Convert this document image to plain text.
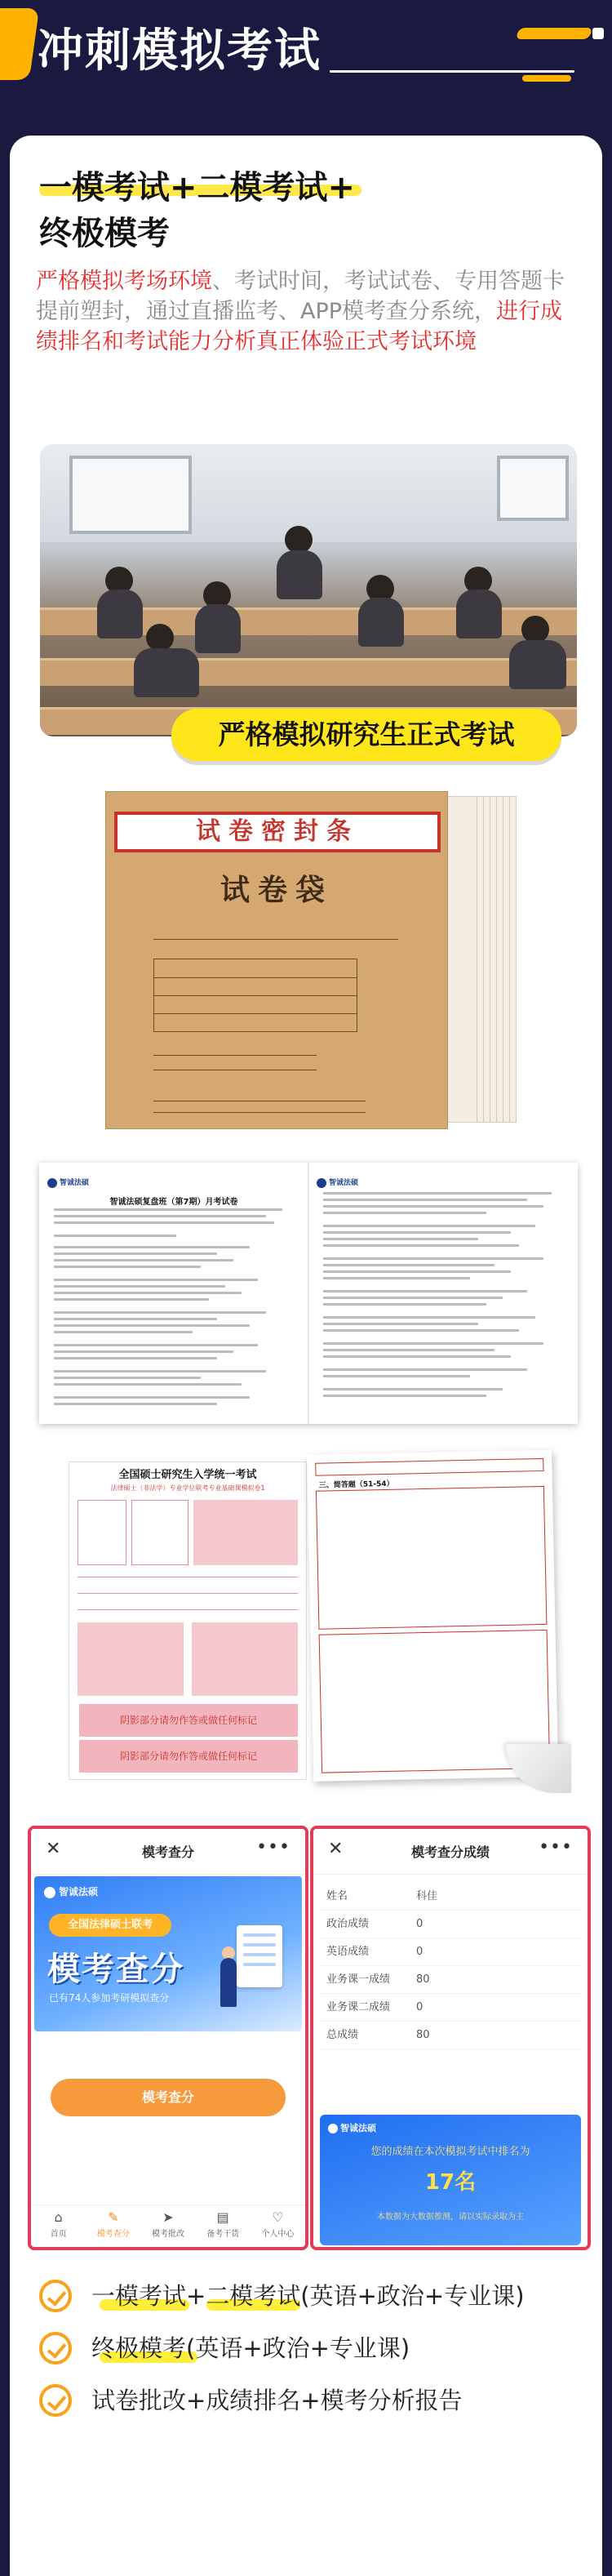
冲刺模拟考试
一模考试+二模考试+
终极模考

严格模拟考场环境、考试时间，考试试卷、专用答题卡提前塑封，通过直播监考、APP模考查分系统，进行成绩排名和考试能力分析真正体验正式考试环境

严格模拟研究生正式考试
试卷密封条
试卷袋
智诚法硕
智诚法硕复盘班（第7期）月考试卷
智诚法硕
全国硕士研究生入学统一考试
法律硕士（非法学）专业学位联考专业基础课模拟卷1
阴影部分请勿作答或做任何标记
阴影部分请勿作答或做任何标记
三、简答题（51-54）
✕	模考查分	•••
智诚法硕
全国法律硕士联考
模考查分
已有74人参加考研模拟查分
模考查分
⌂
首页
✎
模考查分
➤
模考批改
▤
备考干货
♡
个人中心
✕	模考查分成绩	•••
姓名	科佳
政治成绩	0
英语成绩	0
业务课一成绩 80
业务课二成绩 0
总成绩	80
智诚法硕
您的成绩在本次模拟考试中排名为
17名
本数据为大数据推测，请以实际录取为主
一模考试+二模考试(英语+政治+专业课)
终极模考(英语+政治+专业课)
试卷批改+成绩排名+模考分析报告
